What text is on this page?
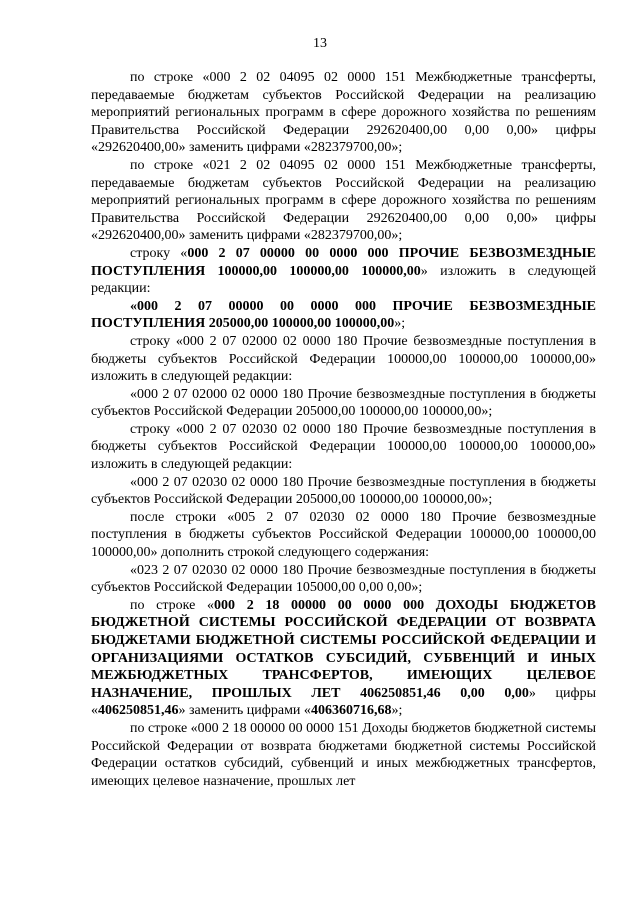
13

по строке «000 2 02 04095 02 0000 151 Межбюджетные трансферты, передаваемые бюджетам субъектов Российской Федерации на реализацию мероприятий региональных программ в сфере дорожного хозяйства по решениям Правительства Российской Федерации 292620400,00 0,00 0,00» цифры «292620400,00» заменить цифрами «282379700,00»;

по строке «021 2 02 04095 02 0000 151 Межбюджетные трансферты, передаваемые бюджетам субъектов Российской Федерации на реализацию мероприятий региональных программ в сфере дорожного хозяйства по решениям Правительства Российской Федерации 292620400,00 0,00 0,00» цифры «292620400,00» заменить цифрами «282379700,00»;

строку «000 2 07 00000 00 0000 000 ПРОЧИЕ БЕЗВОЗМЕЗДНЫЕ ПОСТУПЛЕНИЯ 100000,00 100000,00 100000,00» изложить в следующей редакции:

«000 2 07 00000 00 0000 000 ПРОЧИЕ БЕЗВОЗМЕЗДНЫЕ ПОСТУПЛЕНИЯ 205000,00 100000,00 100000,00»;

строку «000 2 07 02000 02 0000 180 Прочие безвозмездные поступления в бюджеты субъектов Российской Федерации 100000,00 100000,00 100000,00» изложить в следующей редакции:

«000 2 07 02000 02 0000 180 Прочие безвозмездные поступления в бюджеты субъектов Российской Федерации 205000,00 100000,00 100000,00»;

строку «000 2 07 02030 02 0000 180 Прочие безвозмездные поступления в бюджеты субъектов Российской Федерации 100000,00 100000,00 100000,00» изложить в следующей редакции:

«000 2 07 02030 02 0000 180 Прочие безвозмездные поступления в бюджеты субъектов Российской Федерации 205000,00 100000,00 100000,00»;

после строки «005 2 07 02030 02 0000 180 Прочие безвозмездные поступления в бюджеты субъектов Российской Федерации 100000,00 100000,00 100000,00» дополнить строкой следующего содержания:

«023 2 07 02030 02 0000 180 Прочие безвозмездные поступления в бюджеты субъектов Российской Федерации 105000,00 0,00 0,00»;

по строке «000 2 18 00000 00 0000 000 ДОХОДЫ БЮДЖЕТОВ БЮДЖЕТНОЙ СИСТЕМЫ РОССИЙСКОЙ ФЕДЕРАЦИИ ОТ ВОЗВРАТА БЮДЖЕТАМИ БЮДЖЕТНОЙ СИСТЕМЫ РОССИЙСКОЙ ФЕДЕРАЦИИ И ОРГАНИЗАЦИЯМИ ОСТАТКОВ СУБСИДИЙ, СУБВЕНЦИЙ И ИНЫХ МЕЖБЮДЖЕТНЫХ ТРАНСФЕРТОВ, ИМЕЮЩИХ ЦЕЛЕВОЕ НАЗНАЧЕНИЕ, ПРОШЛЫХ ЛЕТ 406250851,46 0,00 0,00» цифры «406250851,46» заменить цифрами «406360716,68»;

по строке «000 2 18 00000 00 0000 151 Доходы бюджетов бюджетной системы Российской Федерации от возврата бюджетами бюджетной системы Российской Федерации остатков субсидий, субвенций и иных межбюджетных трансфертов, имеющих целевое назначение, прошлых лет
